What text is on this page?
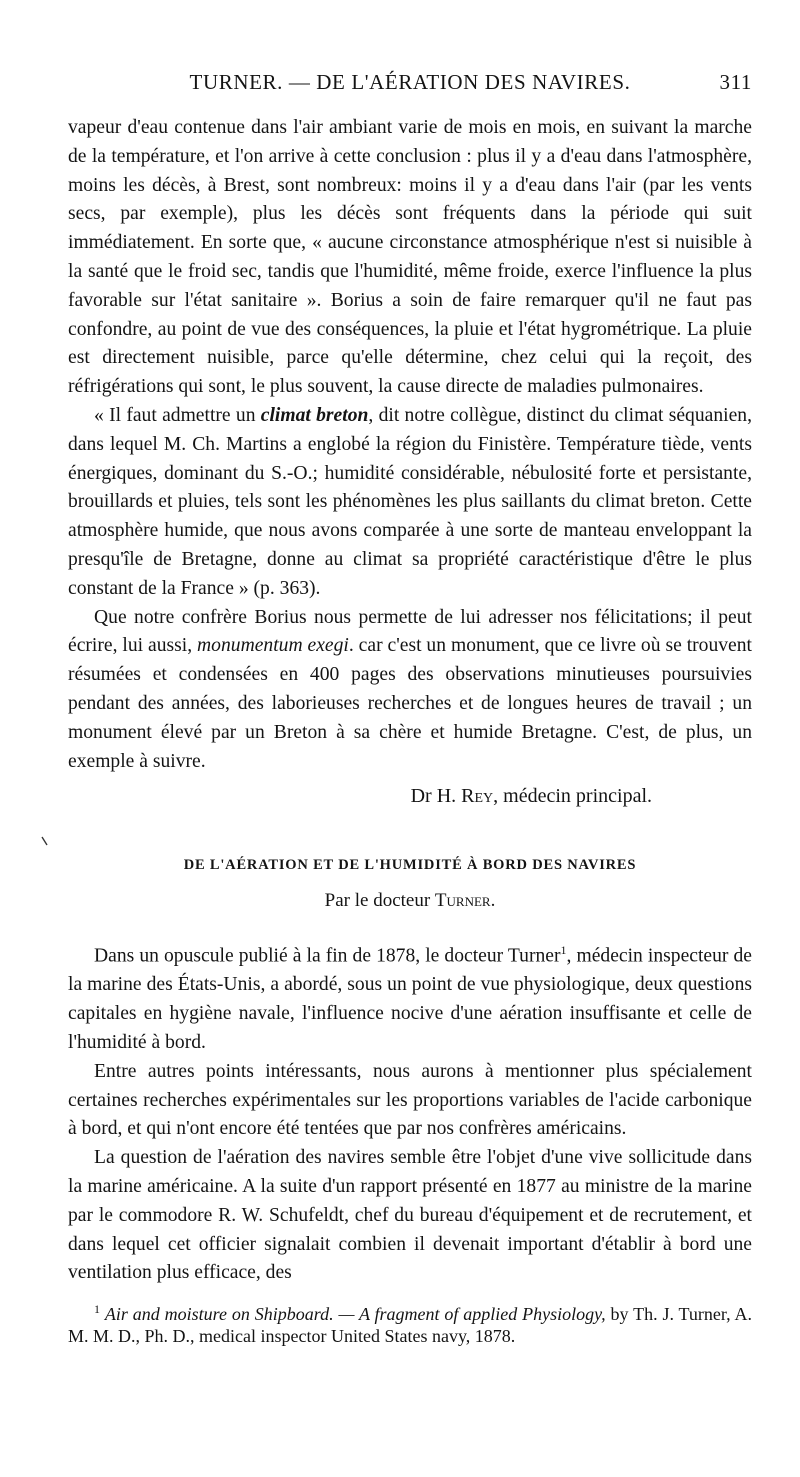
TURNER. — DE L'AÉRATION DES NAVIRES.	311

vapeur d'eau contenue dans l'air ambiant varie de mois en mois, en suivant la marche de la température, et l'on arrive à cette conclusion : plus il y a d'eau dans l'atmosphère, moins les décès, à Brest, sont nombreux: moins il y a d'eau dans l'air (par les vents secs, par exemple), plus les décès sont fréquents dans la période qui suit immédiatement. En sorte que, « aucune circonstance atmosphérique n'est si nuisible à la santé que le froid sec, tandis que l'humidité, même froide, exerce l'influence la plus favorable sur l'état sanitaire ». Borius a soin de faire remarquer qu'il ne faut pas confondre, au point de vue des conséquences, la pluie et l'état hygrométrique. La pluie est directement nuisible, parce qu'elle détermine, chez celui qui la reçoit, des réfrigérations qui sont, le plus souvent, la cause directe de maladies pulmonaires.

« Il faut admettre un climat breton, dit notre collègue, distinct du climat séquanien, dans lequel M. Ch. Martins a englobé la région du Finistère. Température tiède, vents énergiques, dominant du S.-O.; humidité considérable, nébulosité forte et persistante, brouillards et pluies, tels sont les phénomènes les plus saillants du climat breton. Cette atmosphère humide, que nous avons comparée à une sorte de manteau enveloppant la presqu'île de Bretagne, donne au climat sa propriété caractéristique d'être le plus constant de la France » (p. 363).

Que notre confrère Borius nous permette de lui adresser nos félicitations; il peut écrire, lui aussi, monumentum exegi. car c'est un monument, que ce livre où se trouvent résumées et condensées en 400 pages des observations minutieuses poursuivies pendant des années, des laborieuses recherches et de longues heures de travail ; un monument élevé par un Breton à sa chère et humide Bretagne. C'est, de plus, un exemple à suivre.

Dr H. Rey, médecin principal.
DE L'AÉRATION ET DE L'HUMIDITÉ À BORD DES NAVIRES
Par le docteur Turner.

Dans un opuscule publié à la fin de 1878, le docteur Turner$^1$, médecin inspecteur de la marine des États-Unis, a abordé, sous un point de vue physiologique, deux questions capitales en hygiène navale, l'influence nocive d'une aération insuffisante et celle de l'humidité à bord.

Entre autres points intéressants, nous aurons à mentionner plus spécialement certaines recherches expérimentales sur les proportions variables de l'acide carbonique à bord, et qui n'ont encore été tentées que par nos confrères américains.

La question de l'aération des navires semble être l'objet d'une vive sollicitude dans la marine américaine. A la suite d'un rapport présenté en 1877 au ministre de la marine par le commodore R. W. Schufeldt, chef du bureau d'équipement et de recrutement, et dans lequel cet officier signalait combien il devenait important d'établir à bord une ventilation plus efficace, des

$^1$ Air and moisture on Shipboard. — A fragment of applied Physiology, by Th. J. Turner, A. M. M. D., Ph. D., medical inspector United States navy, 1878.
